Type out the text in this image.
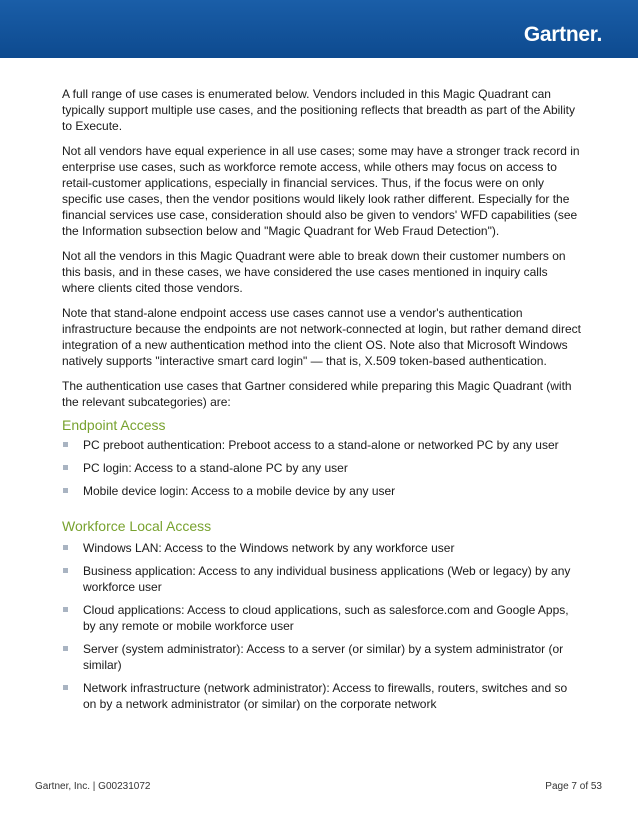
Gartner.

A full range of use cases is enumerated below. Vendors included in this Magic Quadrant can typically support multiple use cases, and the positioning reflects that breadth as part of the Ability to Execute.

Not all vendors have equal experience in all use cases; some may have a stronger track record in enterprise use cases, such as workforce remote access, while others may focus on access to retail-customer applications, especially in financial services. Thus, if the focus were on only specific use cases, then the vendor positions would likely look rather different. Especially for the financial services use case, consideration should also be given to vendors' WFD capabilities (see the Information subsection below and "Magic Quadrant for Web Fraud Detection").

Not all the vendors in this Magic Quadrant were able to break down their customer numbers on this basis, and in these cases, we have considered the use cases mentioned in inquiry calls where clients cited those vendors.

Note that stand-alone endpoint access use cases cannot use a vendor's authentication infrastructure because the endpoints are not network-connected at login, but rather demand direct integration of a new authentication method into the client OS. Note also that Microsoft Windows natively supports "interactive smart card login" — that is, X.509 token-based authentication.

The authentication use cases that Gartner considered while preparing this Magic Quadrant (with the relevant subcategories) are:

Endpoint Access
PC preboot authentication: Preboot access to a stand-alone or networked PC by any user
PC login: Access to a stand-alone PC by any user
Mobile device login: Access to a mobile device by any user
Workforce Local Access
Windows LAN: Access to the Windows network by any workforce user
Business application: Access to any individual business applications (Web or legacy) by any workforce user
Cloud applications: Access to cloud applications, such as salesforce.com and Google Apps, by any remote or mobile workforce user
Server (system administrator): Access to a server (or similar) by a system administrator (or similar)
Network infrastructure (network administrator): Access to firewalls, routers, switches and so on by a network administrator (or similar) on the corporate network
Gartner, Inc. | G00231072	Page 7 of 53
